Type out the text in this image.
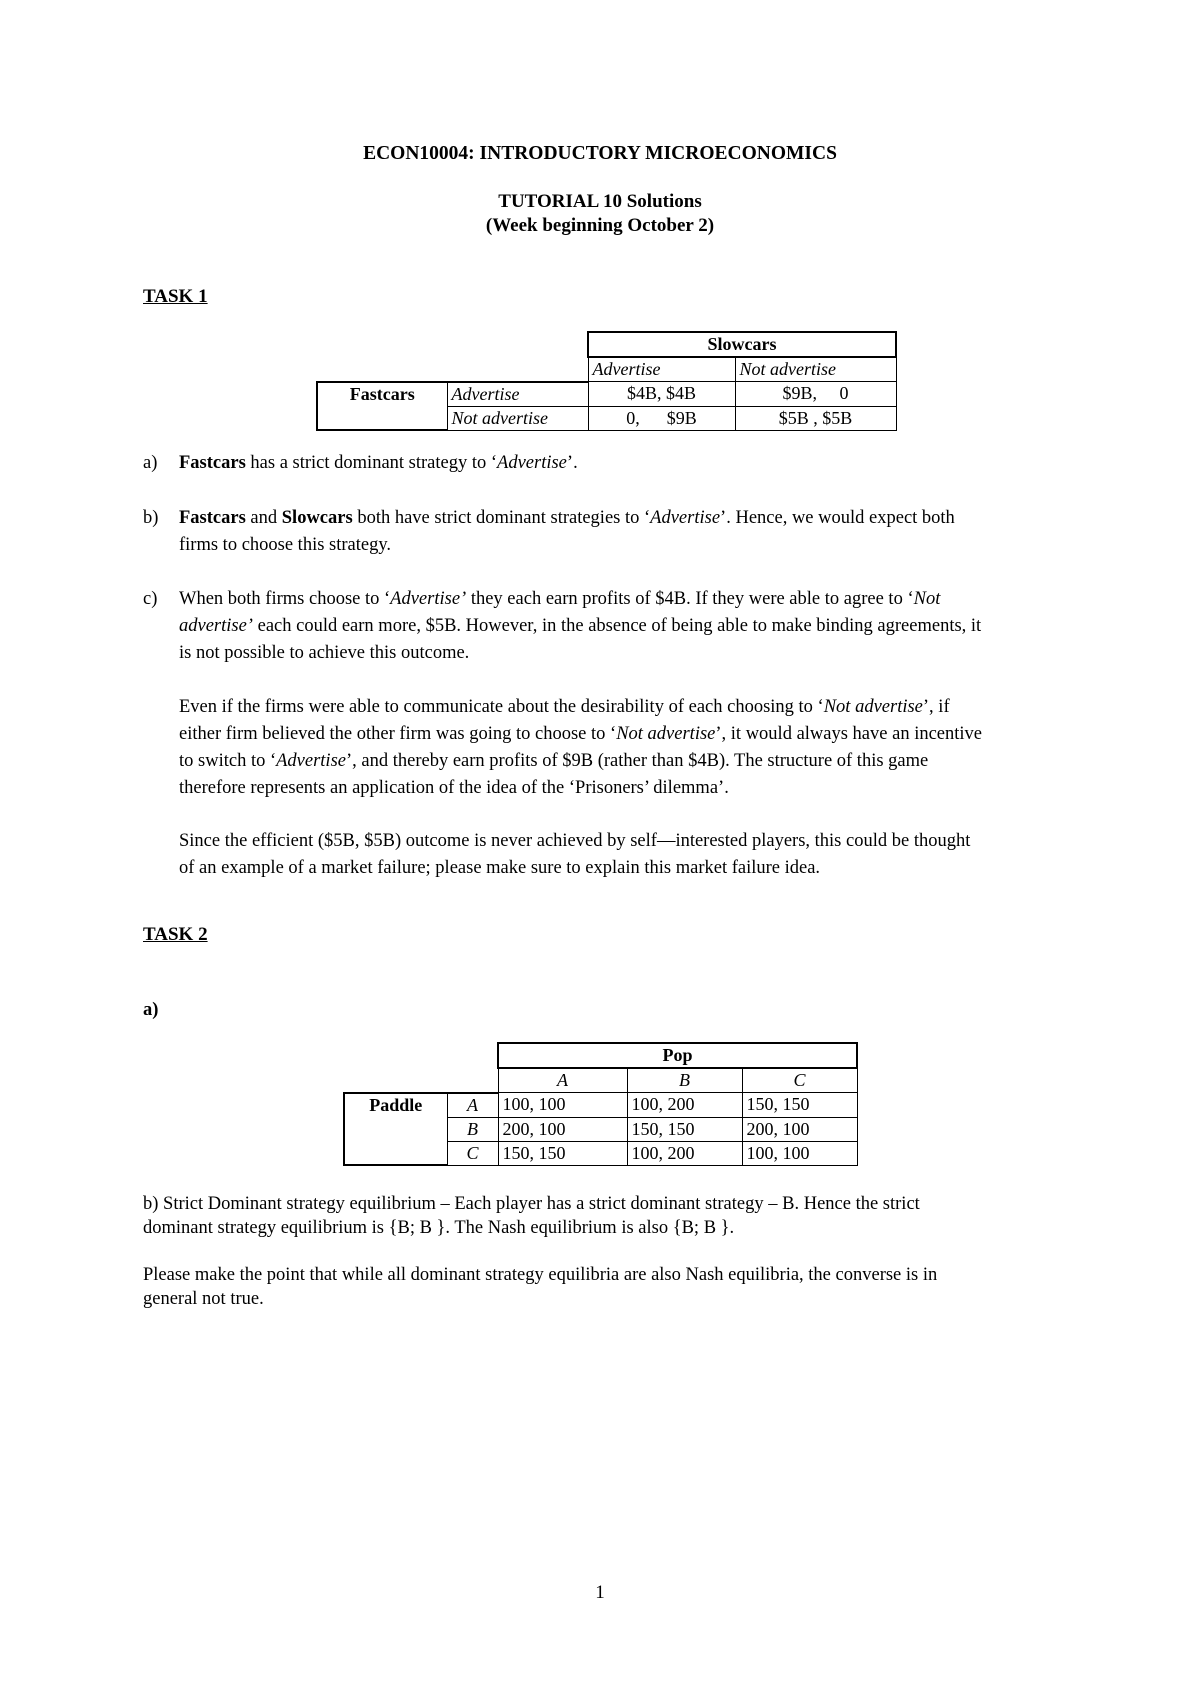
ECON10004: INTRODUCTORY MICROECONOMICS
TUTORIAL 10 Solutions
(Week beginning October 2)
TASK 1
		Slowcars	
		Advertise	Not advertise
Fastcars	Advertise	$4B, $4B	$9B,     0
	Not advertise	0,      $9B	$5B , $5B
a) Fastcars has a strict dominant strategy to ‘Advertise’.
b) Fastcars and Slowcars both have strict dominant strategies to ‘Advertise’. Hence, we would expect both
firms to choose this strategy.
c) When both firms choose to ‘Advertise’ they each earn profits of $4B. If they were able to agree to ‘Not
advertise’ each could earn more, $5B. However, in the absence of being able to make binding agreements, it
is not possible to achieve this outcome.
Even if the firms were able to communicate about the desirability of each choosing to ‘Not advertise’, if
either firm believed the other firm was going to choose to ‘Not advertise’, it would always have an incentive
to switch to ‘Advertise’, and thereby earn profits of $9B (rather than $4B). The structure of this game
therefore represents an application of the idea of the ‘Prisoners’ dilemma’.
Since the efficient ($5B, $5B) outcome is never achieved by self—interested players, this could be thought
of an example of a market failure; please make sure to explain this market failure idea.
TASK 2
a)
		Pop		
		A	B	C
Paddle	A	100, 100	100, 200	150, 150
	B	200, 100	150, 150	200, 100
	C	150, 150	100, 200	100, 100
b) Strict Dominant strategy equilibrium – Each player has a strict dominant strategy – B. Hence the strict
dominant strategy equilibrium is {B; B }. The Nash equilibrium is also {B; B }.
Please make the point that while all dominant strategy equilibria are also Nash equilibria, the converse is in
general not true.
1
